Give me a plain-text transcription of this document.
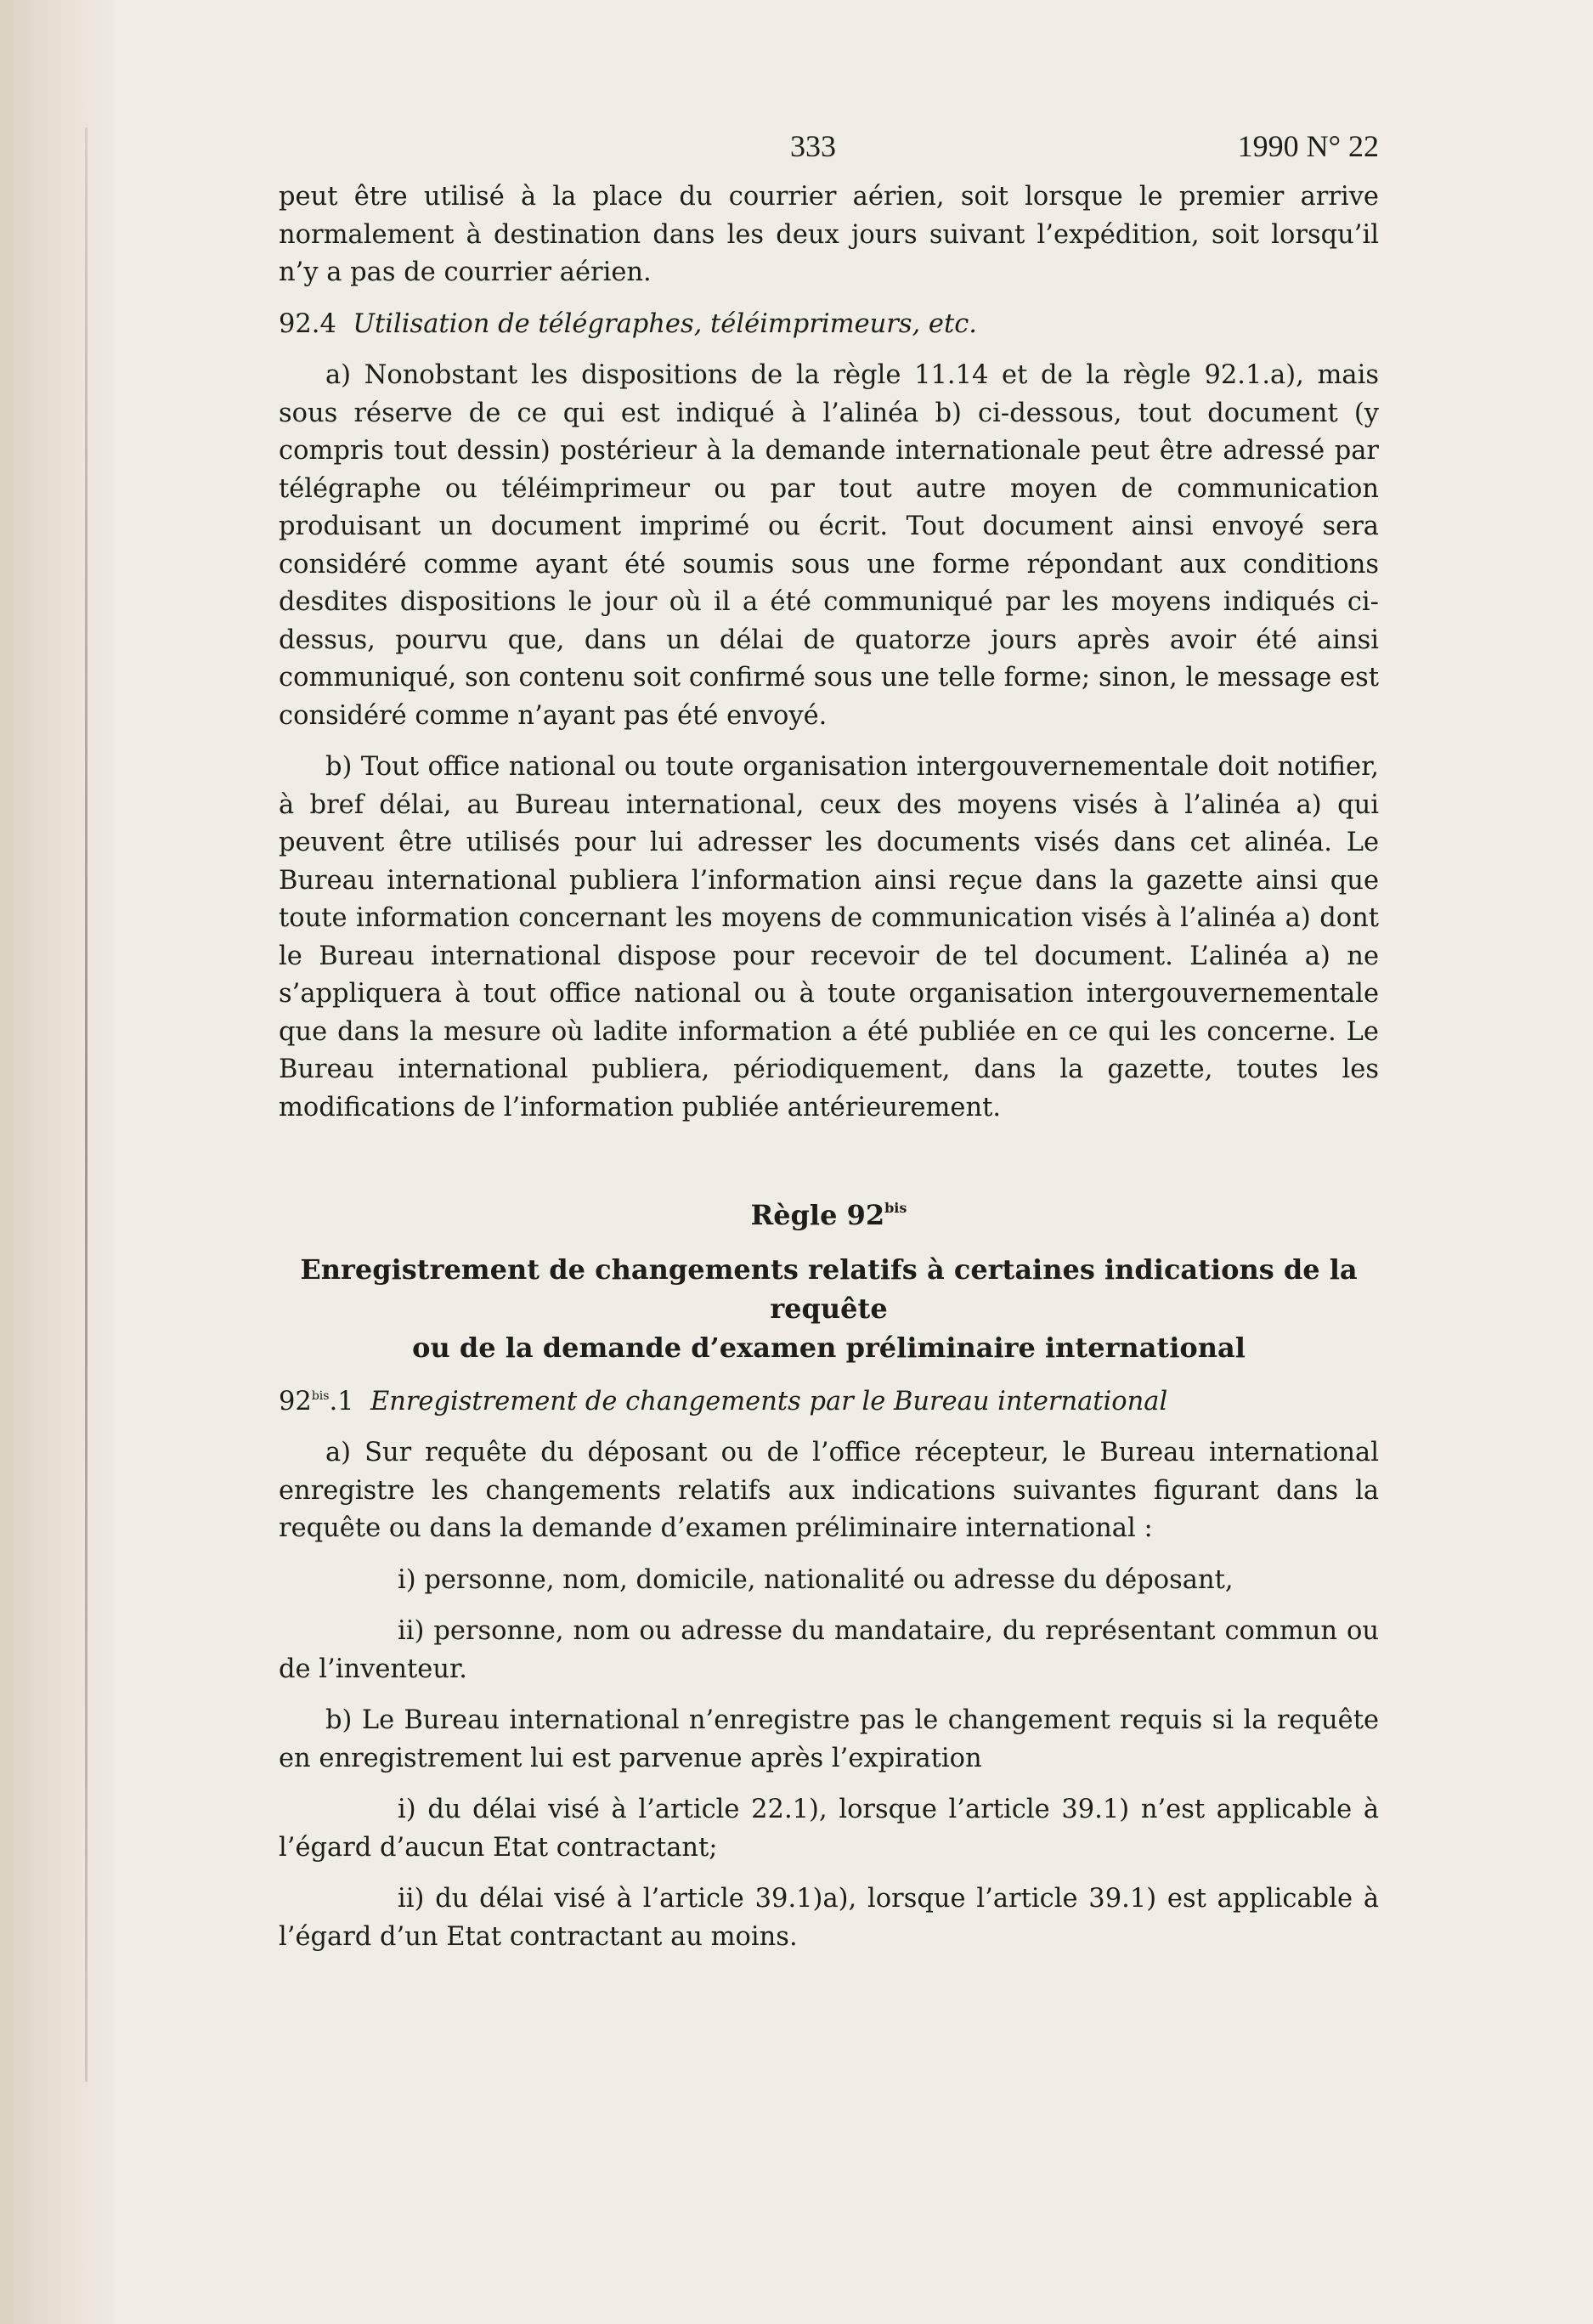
333	1990 N° 22

peut être utilisé à la place du courrier aérien, soit lorsque le premier arrive normalement à destination dans les deux jours suivant l’expédition, soit lorsqu’il n’y a pas de courrier aérien.

92.4 Utilisation de télégraphes, téléimprimeurs, etc.

a) Nonobstant les dispositions de la règle 11.14 et de la règle 92.1.a), mais sous réserve de ce qui est indiqué à l’alinéa b) ci-dessous, tout document (y compris tout dessin) postérieur à la demande internationale peut être adressé par télégraphe ou téléimprimeur ou par tout autre moyen de communication produisant un document imprimé ou écrit. Tout document ainsi envoyé sera considéré comme ayant été soumis sous une forme répondant aux conditions desdites dispositions le jour où il a été communiqué par les moyens indiqués ci-dessus, pourvu que, dans un délai de quatorze jours après avoir été ainsi communiqué, son contenu soit confirmé sous une telle forme; sinon, le message est considéré comme n’ayant pas été envoyé.

b) Tout office national ou toute organisation intergouvernementale doit notifier, à bref délai, au Bureau international, ceux des moyens visés à l’alinéa a) qui peuvent être utilisés pour lui adresser les documents visés dans cet alinéa. Le Bureau international publiera l’information ainsi reçue dans la gazette ainsi que toute information concernant les moyens de communication visés à l’alinéa a) dont le Bureau international dispose pour recevoir de tel document. L’alinéa a) ne s’appliquera à tout office national ou à toute organisation intergouvernementale que dans la mesure où ladite information a été publiée en ce qui les concerne. Le Bureau international publiera, périodiquement, dans la gazette, toutes les modifications de l’information publiée antérieurement.

Règle $92^{bis}$
Enregistrement de changements relatifs à certaines indications de la requête
ou de la demande d’examen préliminaire international

$92^{bis}.1$ Enregistrement de changements par le Bureau international

a) Sur requête du déposant ou de l’office récepteur, le Bureau international enregistre les changements relatifs aux indications suivantes figurant dans la requête ou dans la demande d’examen préliminaire international :

i) personne, nom, domicile, nationalité ou adresse du déposant,

ii) personne, nom ou adresse du mandataire, du représentant commun ou de l’inventeur.

b) Le Bureau international n’enregistre pas le changement requis si la requête en enregistrement lui est parvenue après l’expiration

i) du délai visé à l’article 22.1), lorsque l’article 39.1) n’est applicable à l’égard d’aucun Etat contractant;

ii) du délai visé à l’article 39.1)a), lorsque l’article 39.1) est applicable à l’égard d’un Etat contractant au moins.
